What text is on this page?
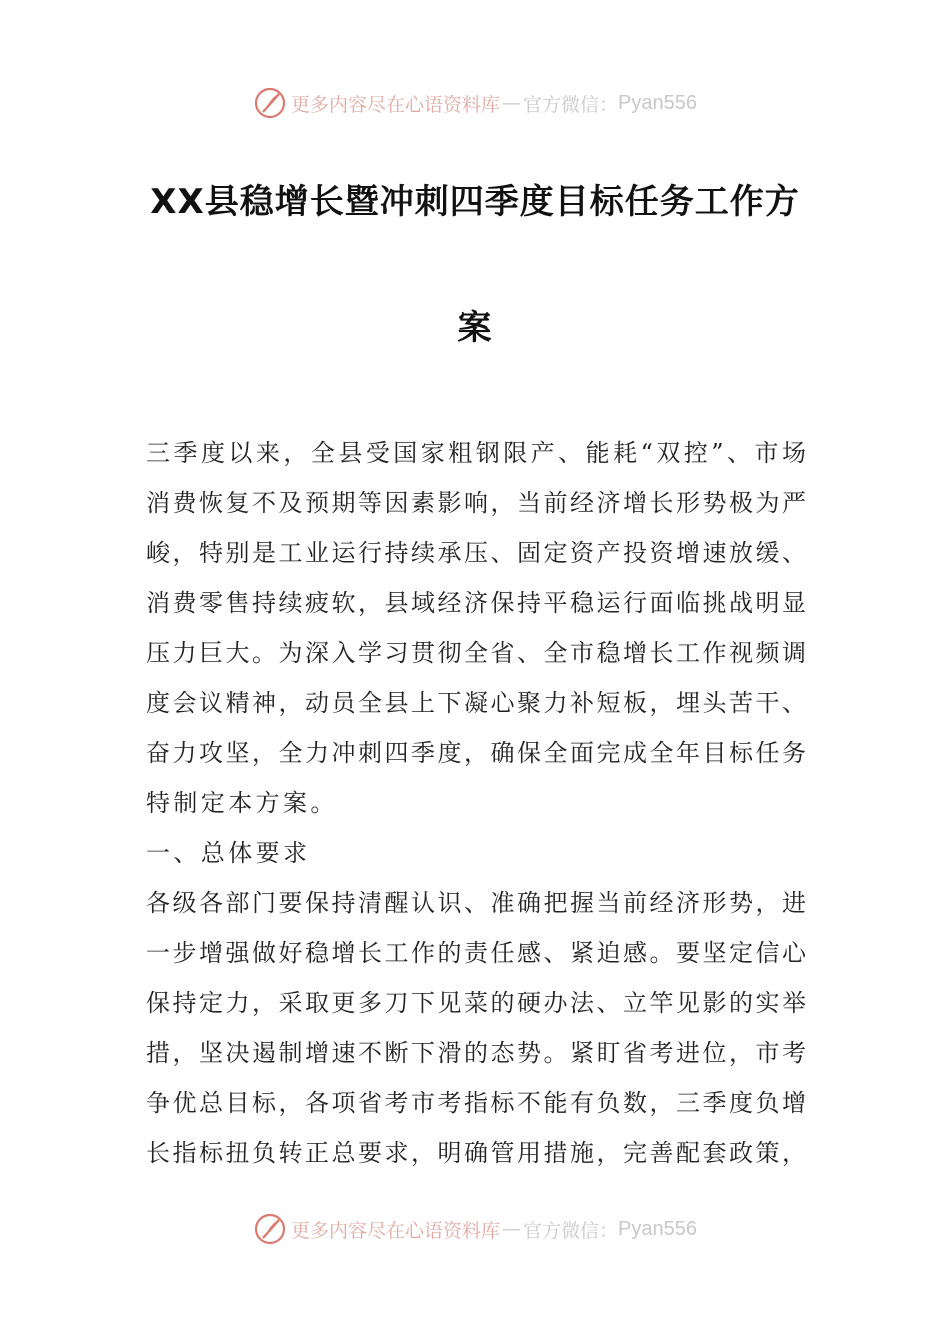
更多内容尽在心语资料库 — 官方微信： Pyan556
XX县稳增长暨冲刺四季度目标任务工作方
案
三季度以来，全县受国家粗钢限产、能耗“双控”、市场
消费恢复不及预期等因素影响，当前经济增长形势极为严
峻，特别是工业运行持续承压、固定资产投资增速放缓、
消费零售持续疲软，县域经济保持平稳运行面临挑战明显
压力巨大。为深入学习贯彻全省、全市稳增长工作视频调
度会议精神，动员全县上下凝心聚力补短板，埋头苦干、
奋力攻坚，全力冲刺四季度，确保全面完成全年目标任务
特制定本方案。
一、总体要求
各级各部门要保持清醒认识、准确把握当前经济形势，进
一步增强做好稳增长工作的责任感、紧迫感。要坚定信心
保持定力，采取更多刀下见菜的硬办法、立竿见影的实举
措，坚决遏制增速不断下滑的态势。紧盯省考进位，市考
争优总目标，各项省考市考指标不能有负数，三季度负增
长指标扭负转正总要求，明确管用措施，完善配套政策，
更多内容尽在心语资料库 — 官方微信： Pyan556
